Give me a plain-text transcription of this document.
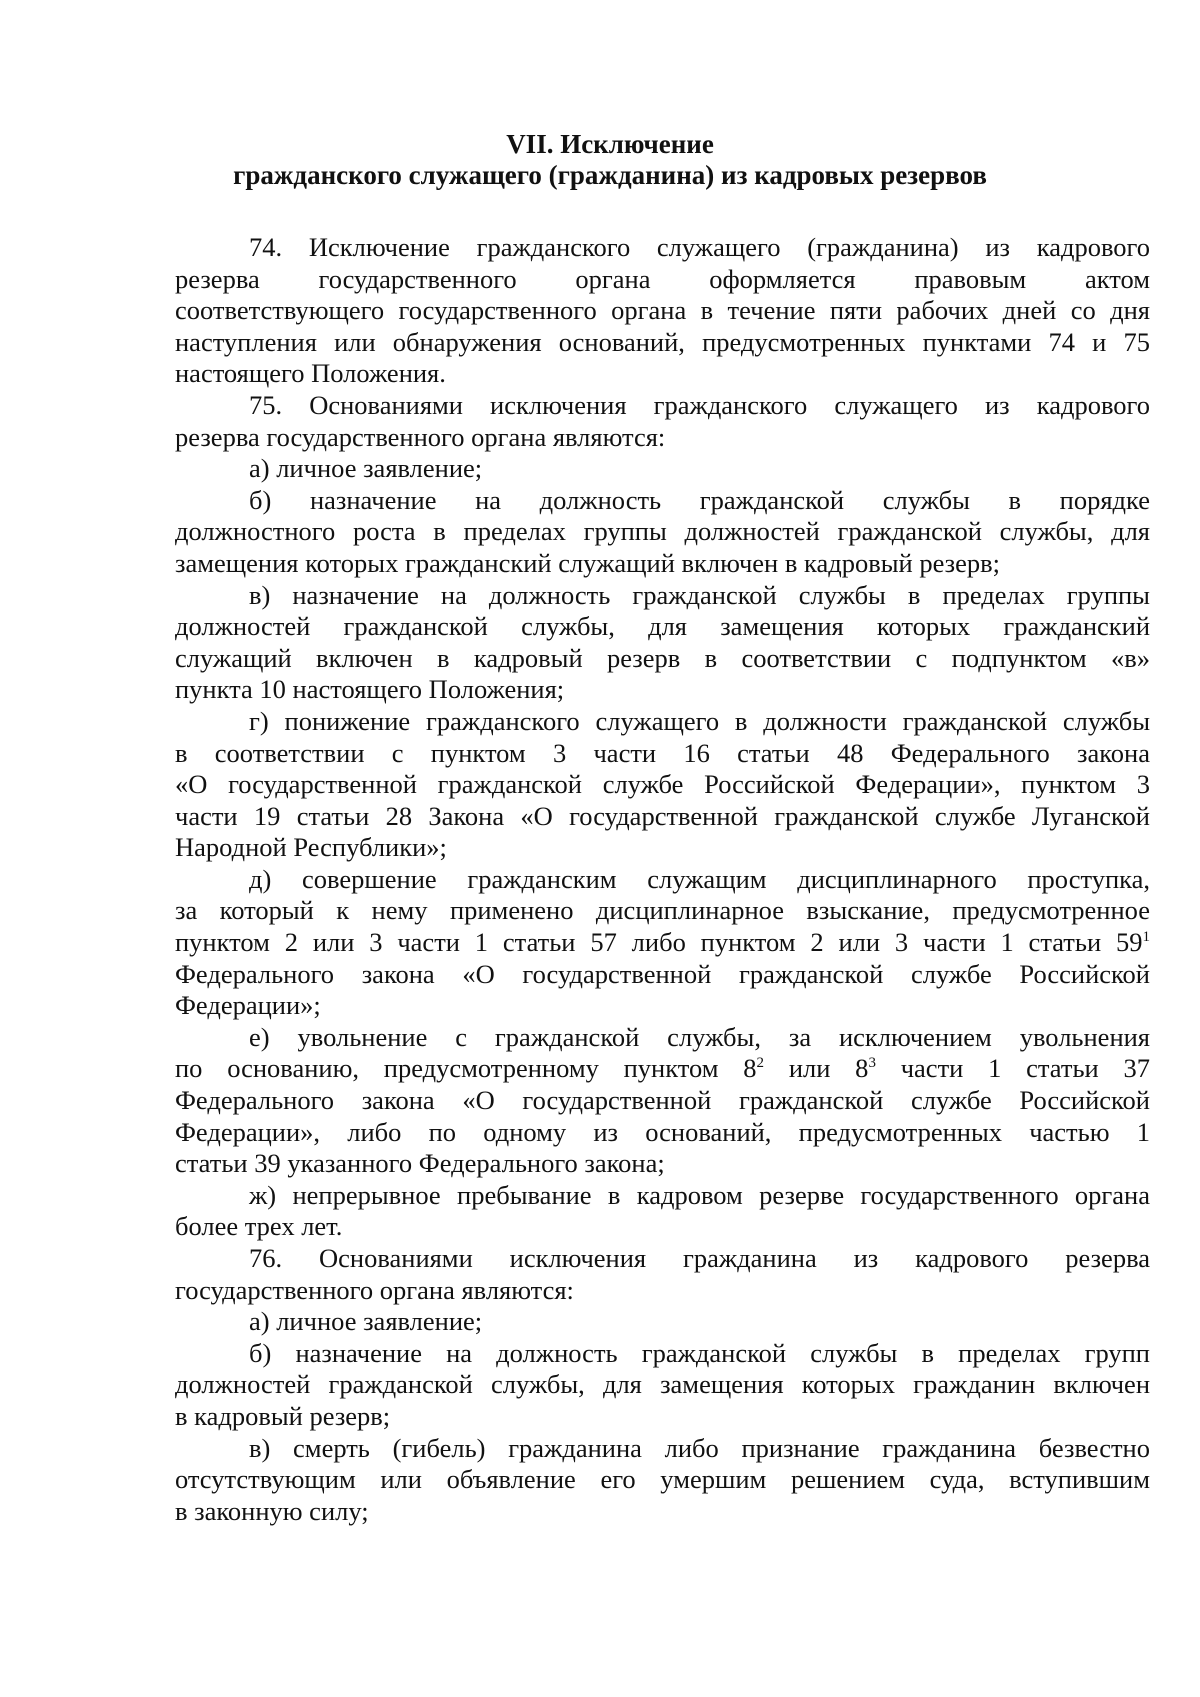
VII. Исключение
гражданского служащего (гражданина) из кадровых резервов
74. Исключение гражданского служащего (гражданина) из кадрового
резерва государственного органа оформляется правовым актом
соответствующего государственного органа в течение пяти рабочих дней со дня
наступления или обнаружения оснований, предусмотренных пунктами 74 и 75
настоящего Положения.
75. Основаниями исключения гражданского служащего из кадрового
резерва государственного органа являются:
а) личное заявление;
б) назначение на должность гражданской службы в порядке
должностного роста в пределах группы должностей гражданской службы, для
замещения которых гражданский служащий включен в кадровый резерв;
в) назначение на должность гражданской службы в пределах группы
должностей гражданской службы, для замещения которых гражданский
служащий включен в кадровый резерв в соответствии с подпунктом «в»
пункта 10 настоящего Положения;
г) понижение гражданского служащего в должности гражданской службы
в соответствии с пунктом 3 части 16 статьи 48 Федерального закона
«О государственной гражданской службе Российской Федерации», пунктом 3
части 19 статьи 28 Закона «О государственной гражданской службе Луганской
Народной Республики»;
д) совершение гражданским служащим дисциплинарного проступка,
за который к нему применено дисциплинарное взыскание, предусмотренное
пунктом 2 или 3 части 1 статьи 57 либо пунктом 2 или 3 части 1 статьи $59^1$
Федерального закона «О государственной гражданской службе Российской
Федерации»;
е) увольнение с гражданской службы, за исключением увольнения
по основанию, предусмотренному пунктом $8^2$ или $8^3$ части 1 статьи 37
Федерального закона «О государственной гражданской службе Российской
Федерации», либо по одному из оснований, предусмотренных частью 1
статьи 39 указанного Федерального закона;
ж) непрерывное пребывание в кадровом резерве государственного органа
более трех лет.
76. Основаниями исключения гражданина из кадрового резерва
государственного органа являются:
а) личное заявление;
б) назначение на должность гражданской службы в пределах групп
должностей гражданской службы, для замещения которых гражданин включен
в кадровый резерв;
в) смерть (гибель) гражданина либо признание гражданина безвестно
отсутствующим или объявление его умершим решением суда, вступившим
в законную силу;
